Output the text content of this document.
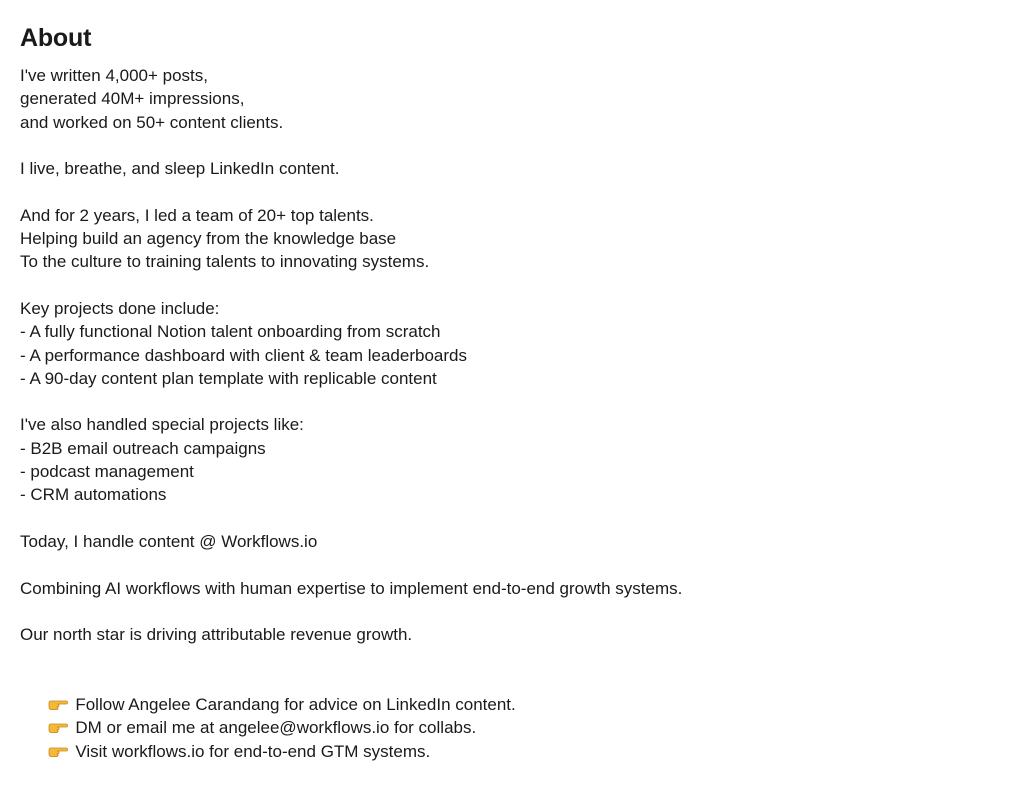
About
I've written 4,000+ posts,
generated 40M+ impressions,
and worked on 50+ content clients.
I live, breathe, and sleep LinkedIn content.
And for 2 years, I led a team of 20+ top talents.
Helping build an agency from the knowledge base
To the culture to training talents to innovating systems.
Key projects done include:
- A fully functional Notion talent onboarding from scratch
- A performance dashboard with client & team leaderboards
- A 90-day content plan template with replicable content
I've also handled special projects like:
- B2B email outreach campaigns
- podcast management
- CRM automations
Today, I handle content @ Workflows.io
Combining AI workflows with human expertise to implement end-to-end growth systems.
Our north star is driving attributable revenue growth.

Follow Angelee Carandang for advice on LinkedIn content.

DM or email me at angelee@workflows.io for collabs.

Visit workflows.io for end-to-end GTM systems.
